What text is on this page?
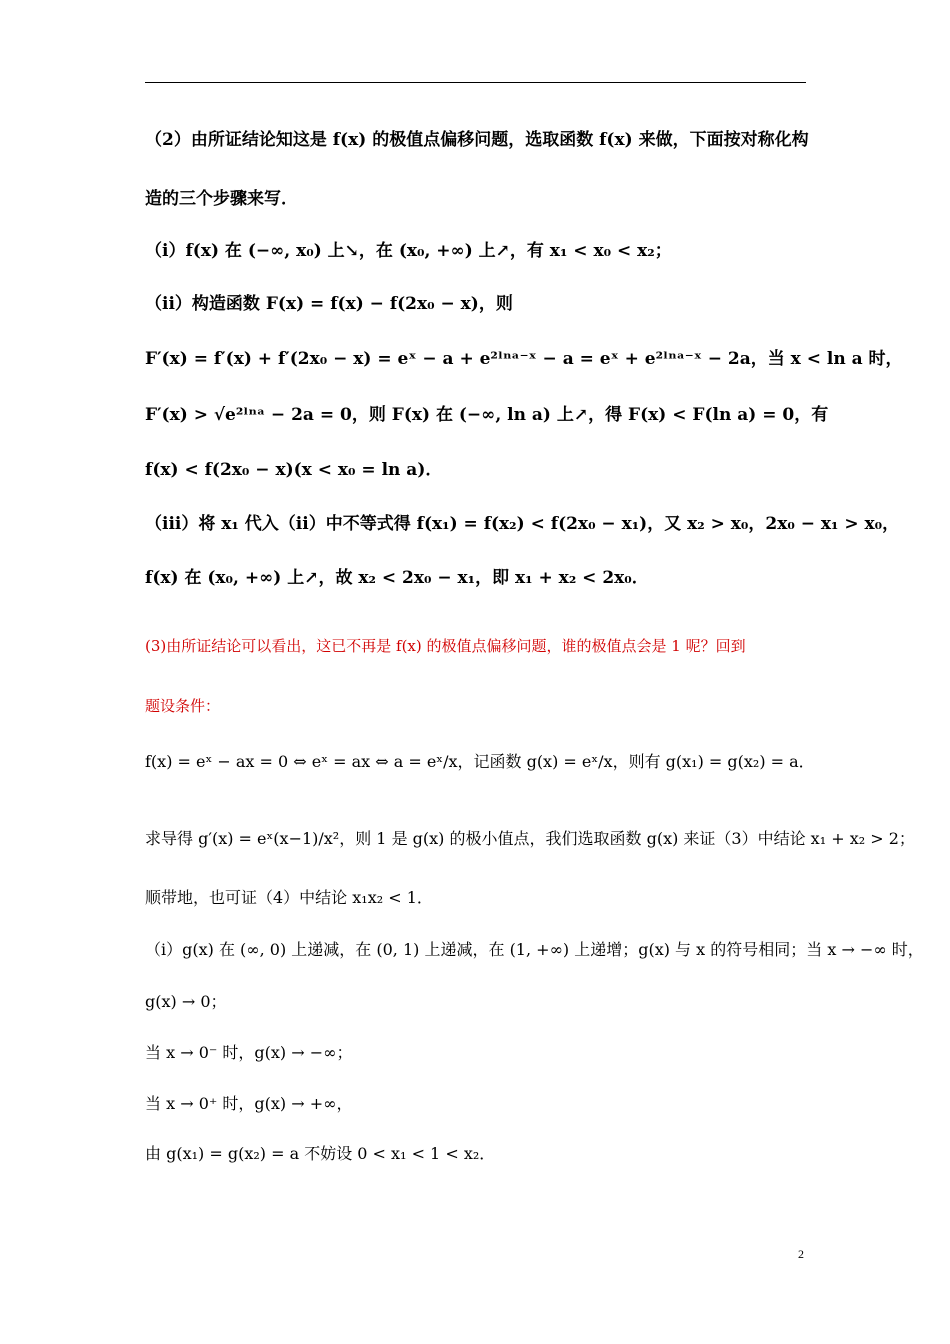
（2）由所证结论知这是 f(x) 的极值点偏移问题，选取函数 f(x) 来做，下面按对称化构
造的三个步骤来写．
（i）f(x) 在 (−∞, x₀) 上↘，在 (x₀, +∞) 上↗，有 x₁ < x₀ < x₂；
（ii）构造函数 F(x) = f(x) − f(2x₀ − x)，则
F′(x) = f′(x) + f′(2x₀ − x) = eˣ − a + e²ˡⁿᵃ⁻ˣ − a = eˣ + e²ˡⁿᵃ⁻ˣ − 2a，当 x < ln a 时，
F′(x) > √e²ˡⁿᵃ − 2a = 0，则 F(x) 在 (−∞, ln a) 上↗，得 F(x) < F(ln a) = 0，有
f(x) < f(2x₀ − x)(x < x₀ = ln a)．
（iii）将 x₁ 代入（ii）中不等式得 f(x₁) = f(x₂) < f(2x₀ − x₁)，又 x₂ > x₀，2x₀ − x₁ > x₀，
f(x) 在 (x₀, +∞) 上↗，故 x₂ < 2x₀ − x₁，即 x₁ + x₂ < 2x₀．
(3)由所证结论可以看出，这已不再是 f(x) 的极值点偏移问题，谁的极值点会是 1 呢？回到
题设条件：
f(x) = eˣ − ax = 0 ⇔ eˣ = ax ⇔ a = eˣ/x，记函数 g(x) = eˣ/x，则有 g(x₁) = g(x₂) = a．
求导得 g′(x) = eˣ(x−1)/x²，则 1 是 g(x) 的极小值点，我们选取函数 g(x) 来证（3）中结论 x₁ + x₂ > 2；
顺带地，也可证（4）中结论 x₁x₂ < 1．
（i）g(x) 在 (∞, 0) 上递减，在 (0, 1) 上递减，在 (1, +∞) 上递增；g(x) 与 x 的符号相同；当 x → −∞ 时，
g(x) → 0；
当 x → 0⁻ 时，g(x) → −∞；
当 x → 0⁺ 时，g(x) → +∞，
由 g(x₁) = g(x₂) = a 不妨设 0 < x₁ < 1 < x₂．
2
